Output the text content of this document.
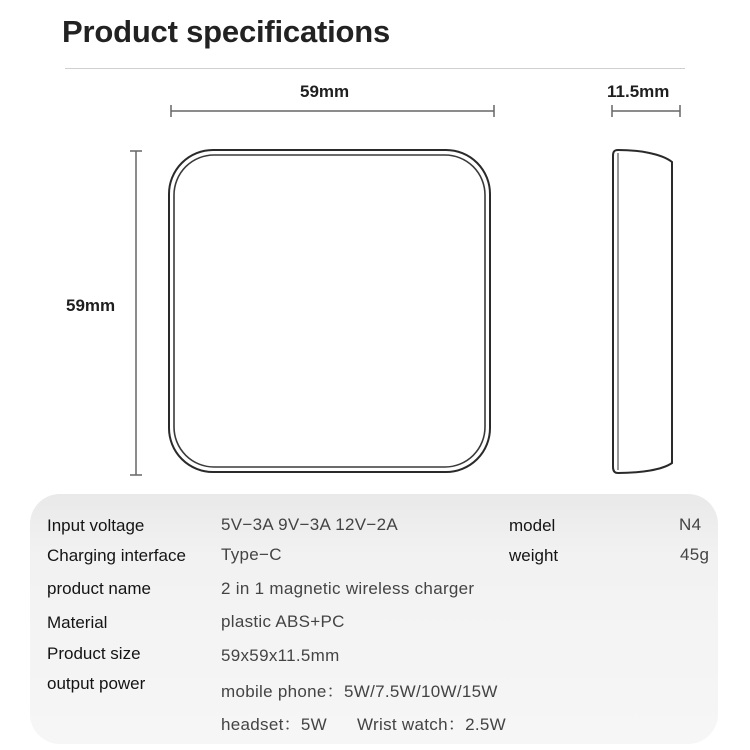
Product specifications
59mm	11.5mm
59mm
Input voltage	5V−3A 9V−3A 12V−2A	model	N4
Charging interface Type−C	weight	45g
product name	2 in 1 magnetic wireless charger
Material	plastic ABS+PC
Product size	59x59x11.5mm
output power	mobile phone：5W/7.5W/10W/15W
headset：5W Wrist watch：2.5W
